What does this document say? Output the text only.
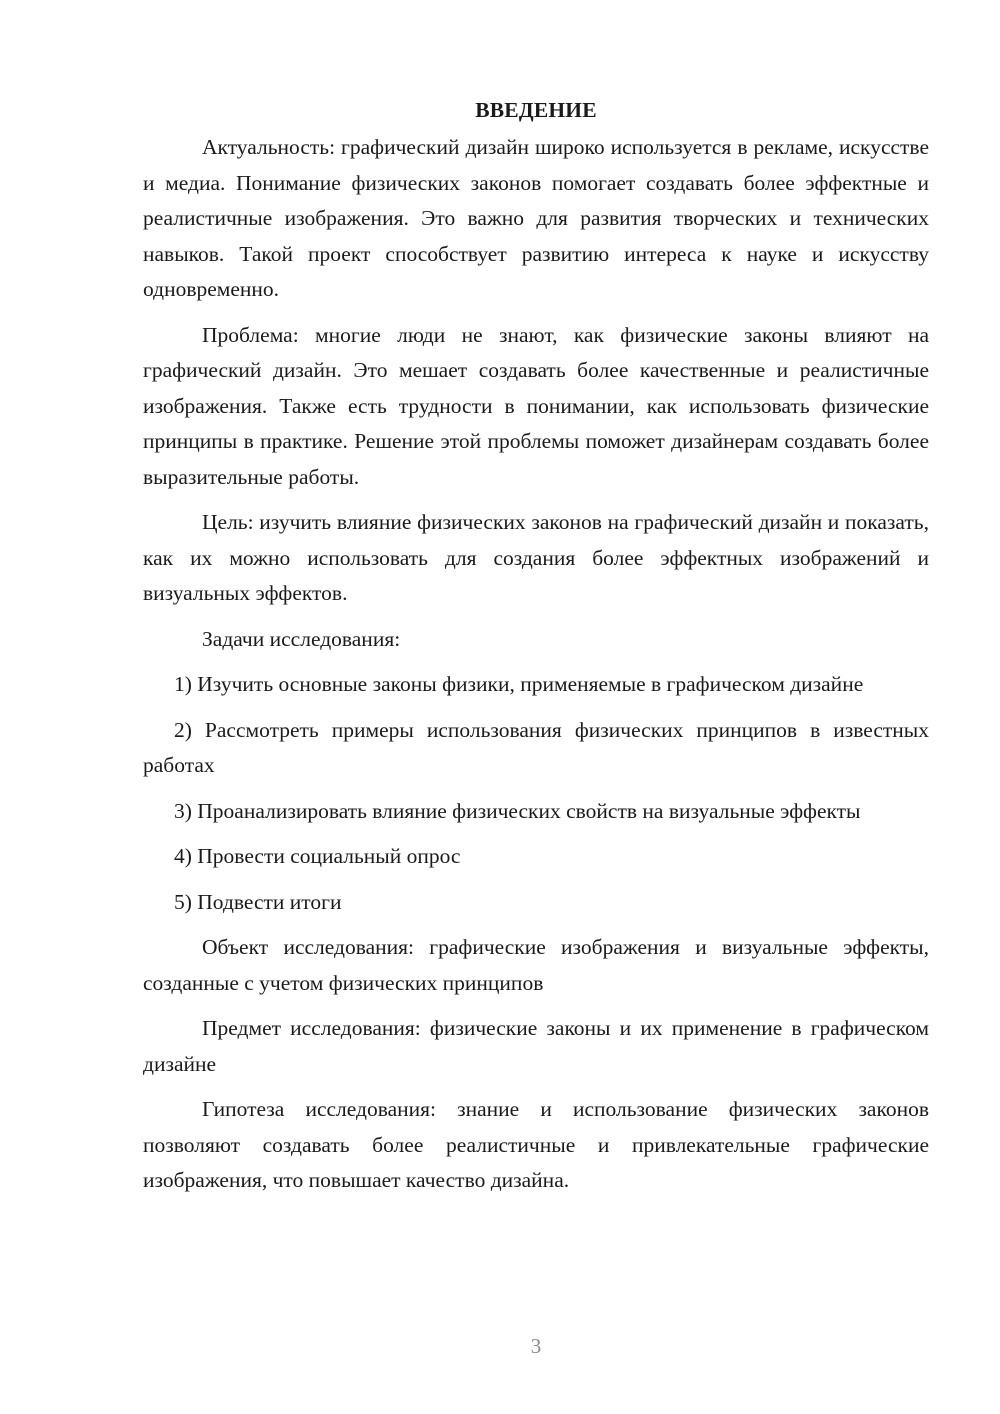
ВВЕДЕНИЕ

Актуальность: графический дизайн широко используется в рекламе, искусстве и медиа. Понимание физических законов помогает создавать более эффектные и реалистичные изображения. Это важно для развития творческих и технических навыков. Такой проект способствует развитию интереса к науке и искусству одновременно.

Проблема: многие люди не знают, как физические законы влияют на графический дизайн. Это мешает создавать более качественные и реалистичные изображения. Также есть трудности в понимании, как использовать физические принципы в практике. Решение этой проблемы поможет дизайнерам создавать более выразительные работы.

Цель: изучить влияние физических законов на графический дизайн и показать, как их можно использовать для создания более эффектных изображений и визуальных эффектов.

Задачи исследования:

1) Изучить основные законы физики, применяемые в графическом дизайне

2) Рассмотреть примеры использования физических принципов в известных работах

3) Проанализировать влияние физических свойств на визуальные эффекты

4) Провести социальный опрос

5) Подвести итоги

Объект исследования: графические изображения и визуальные эффекты, созданные с учетом физических принципов

Предмет исследования: физические законы и их применение в графическом дизайне

Гипотеза исследования: знание и использование физических законов позволяют создавать более реалистичные и привлекательные графические изображения, что повышает качество дизайна.

3
